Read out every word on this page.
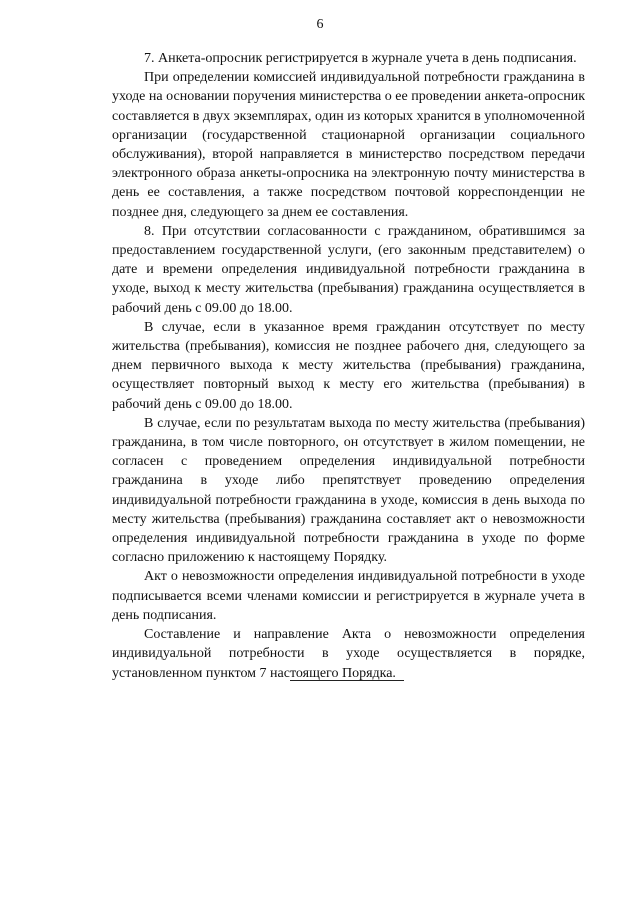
6

7. Анкета-опросник регистрируется в журнале учета в день подписания.

При определении комиссией индивидуальной потребности гражданина в уходе на основании поручения министерства о ее проведении анкета-опросник составляется в двух экземплярах, один из которых хранится в уполномоченной организации (государственной стационарной организации социального обслуживания), второй направляется в министерство посредством передачи электронного образа анкеты-опросника на электронную почту министерства в день ее составления, а также посредством почтовой корреспонденции не позднее дня, следующего за днем ее составления.

8. При отсутствии согласованности с гражданином, обратившимся за предоставлением государственной услуги, (его законным представителем) о дате и времени определения индивидуальной потребности гражданина в уходе, выход к месту жительства (пребывания) гражданина осуществляется в рабочий день с 09.00 до 18.00.

В случае, если в указанное время гражданин отсутствует по месту жительства (пребывания), комиссия не позднее рабочего дня, следующего за днем первичного выхода к месту жительства (пребывания) гражданина, осуществляет повторный выход к месту его жительства (пребывания) в рабочий день с 09.00 до 18.00.

В случае, если по результатам выхода по месту жительства (пребывания) гражданина, в том числе повторного, он отсутствует в жилом помещении, не согласен с проведением определения индивидуальной потребности гражданина в уходе либо препятствует проведению определения индивидуальной потребности гражданина в уходе, комиссия в день выхода по месту жительства (пребывания) гражданина составляет акт о невозможности определения индивидуальной потребности гражданина в уходе по форме согласно приложению к настоящему Порядку.

Акт о невозможности определения индивидуальной потребности в уходе подписывается всеми членами комиссии и регистрируется в журнале учета в день подписания.

Составление и направление Акта о невозможности определения индивидуальной потребности в уходе осуществляется в порядке, установленном пунктом 7 настоящего Порядка.
